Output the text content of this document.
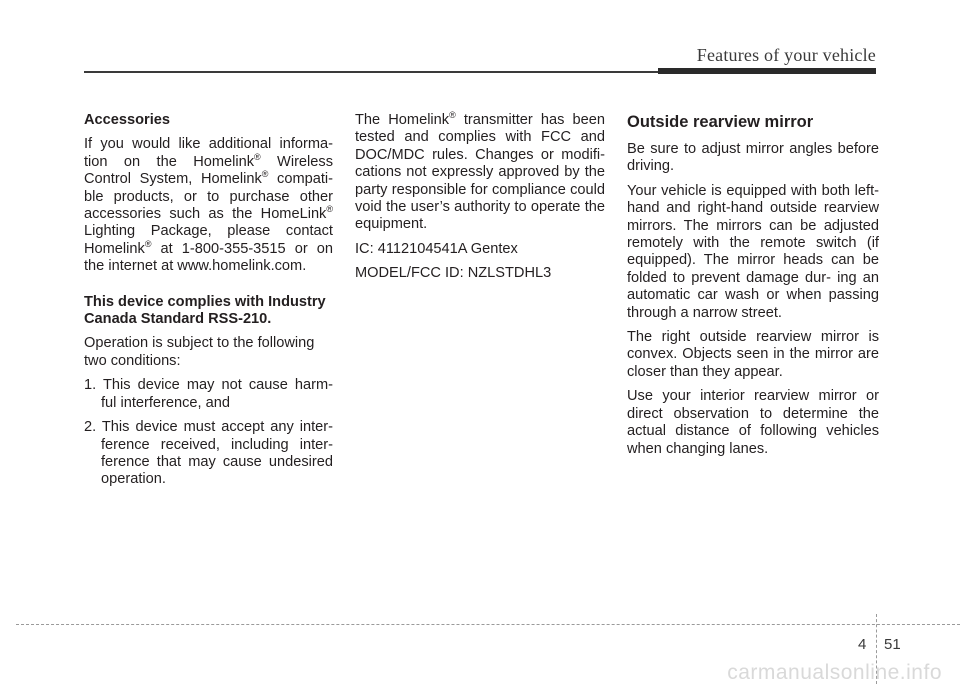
Features of your vehicle

Accessories

If you would like additional informa- tion on the Homelink® Wireless Control System, Homelink® compati- ble products, or to purchase other accessories such as the HomeLink® Lighting Package, please contact Homelink® at 1-800-355-3515 or on the internet at www.homelink.com.

This device complies with Industry Canada Standard RSS-210.

Operation is subject to the following two conditions:

1. This device may not cause harm- ful interference, and
2. This device must accept any inter- ference received, including inter- ference that may cause undesired operation.

The Homelink® transmitter has been tested and complies with FCC and DOC/MDC rules. Changes or modifi- cations not expressly approved by the party responsible for compliance could void the user’s authority to operate the equipment.

IC: 4112104541A Gentex

MODEL/FCC ID: NZLSTDHL3

Outside rearview mirror

Be sure to adjust mirror angles before driving.

Your vehicle is equipped with both left-hand and right-hand outside rearview mirrors. The mirrors can be adjusted remotely with the remote switch (if equipped). The mirror heads can be folded to prevent damage dur- ing an automatic car wash or when passing through a narrow street.

The right outside rearview mirror is convex. Objects seen in the mirror are closer than they appear.

Use your interior rearview mirror or direct observation to determine the actual distance of following vehicles when changing lanes.

4 51
carmanualsonline.info
